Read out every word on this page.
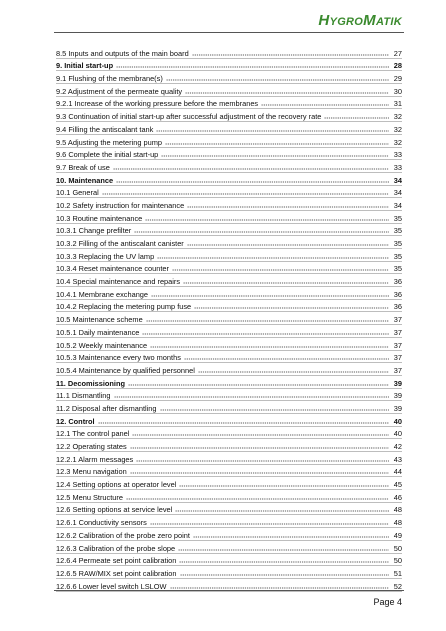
HYGROMATIK
8.5 Inputs and outputs of the main board	27
9. Initial start-up	28
9.1 Flushing of the membrane(s)	29
9.2 Adjustment of the permeate quality	30
9.2.1 Increase of the working pressure before the membranes	31
9.3 Continuation of initial start-up after successful adjustment of the recovery rate	32
9.4 Filling the antiscalant tank	32
9.5 Adjusting the metering pump	32
9.6 Complete the initial start-up	33
9.7 Break of use	33
10. Maintenance	34
10.1 General	34
10.2 Safety instruction for maintenance	34
10.3 Routine maintenance	35
10.3.1 Change prefilter	35
10.3.2 Filling of the antiscalant canister	35
10.3.3 Replacing the UV lamp	35
10.3.4 Reset maintenance counter	35
10.4 Special maintenance and repairs	36
10.4.1 Membrane exchange	36
10.4.2 Replacing the metering pump fuse	36
10.5 Maintenance scheme	37
10.5.1 Daily maintenance	37
10.5.2 Weekly maintenance	37
10.5.3 Maintenance every two months	37
10.5.4 Maintenance by qualified personnel	37
11. Decomissioning	39
11.1 Dismantling	39
11.2 Disposal after dismantling	39
12. Control	40
12.1 The control panel	40
12.2 Operating states	42
12.2.1 Alarm messages	43
12.3 Menu navigation	44
12.4 Setting options at operator level	45
12.5 Menu Structure	46
12.6 Setting options at service level	48
12.6.1 Conductivity sensors	48
12.6.2 Calibration of the probe zero point	49
12.6.3 Calibration of the probe slope	50
12.6.4 Permeate set point calibration	50
12.6.5 RAW/MIX set point calibration	51
12.6.6 Lower level switch LSLOW	52
Page 4
